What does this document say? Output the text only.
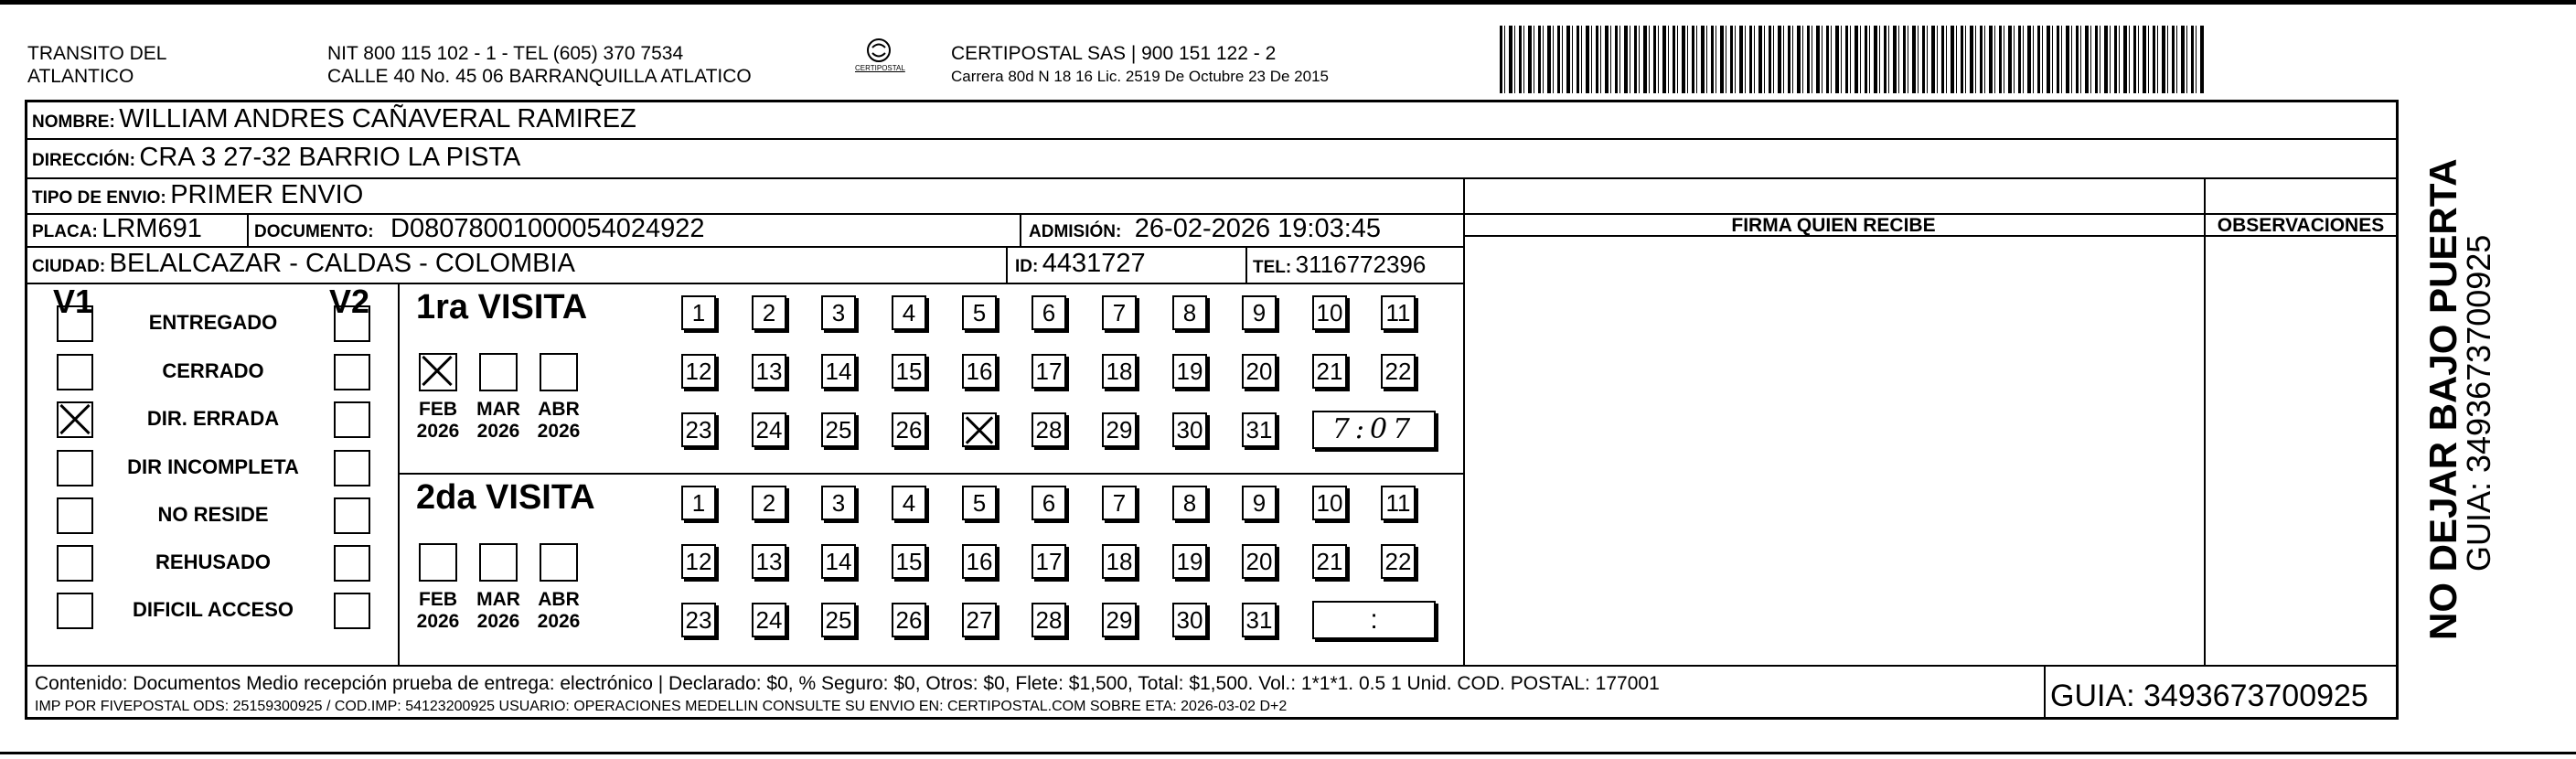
TRANSITO DEL
ATLANTICO
NIT 800 115 102 - 1 - TEL (605) 370 7534
CALLE 40 No. 45 06 BARRANQUILLA ATLATICO	CERTIPOSTAL
CERTIPOSTAL SAS | 900 151 122 - 2
Carrera 80d N 18 16 Lic. 2519 De Octubre 23 De 2015
NOMBRE: WILLIAM ANDRES CAÑAVERAL RAMIREZ
DIRECCIÓN: CRA 3 27-32 BARRIO LA PISTA
TIPO DE ENVIO: PRIMER ENVIO
PLACA: LRM691	DOCUMENTO: D08078001000054024922	ADMISIÓN: 26-02-2026 19:03:45
CIUDAD: BELALCAZAR - CALDAS - COLOMBIA	ID: 4431727	TEL: 3116772396
FIRMA QUIEN RECIBE	OBSERVACIONES
V1	V2
ENTREGADO
CERRADO
DIR. ERRADA
DIR INCOMPLETA
NO RESIDE
REHUSADO
DIFICIL ACCESO
1ra VISITA
FEB
2026
MAR
2026
ABR
2026
1	2	3	4	5	6	7	8	9	10 11
12 13 14 15 16 17 18 19 20 21 22
23 24 25 26	28 29 30 31	7:07
2da VISITA
FEB
2026
MAR
2026
ABR
2026
1	2	3	4	5	6	7	8	9	10 11
12 13 14 15 16 17 18 19 20 21 22
23 24 25 26 27 28 29 30 31	:
Contenido: Documentos Medio recepción prueba de entrega: electrónico | Declarado: $0, % Seguro: $0, Otros: $0, Flete: $1,500, Total: $1,500. Vol.: 1*1*1. 0.5 1 Unid. COD. POSTAL: 177001
IMP POR FIVEPOSTAL ODS: 25159300925 / COD.IMP: 54123200925 USUARIO: OPERACIONES MEDELLIN CONSULTE SU ENVIO EN: CERTIPOSTAL.COM SOBRE ETA: 2026-03-02 D+2	GUIA: 3493673700925
NO DEJAR BAJO PUERTA
GUIA: 3493673700925
